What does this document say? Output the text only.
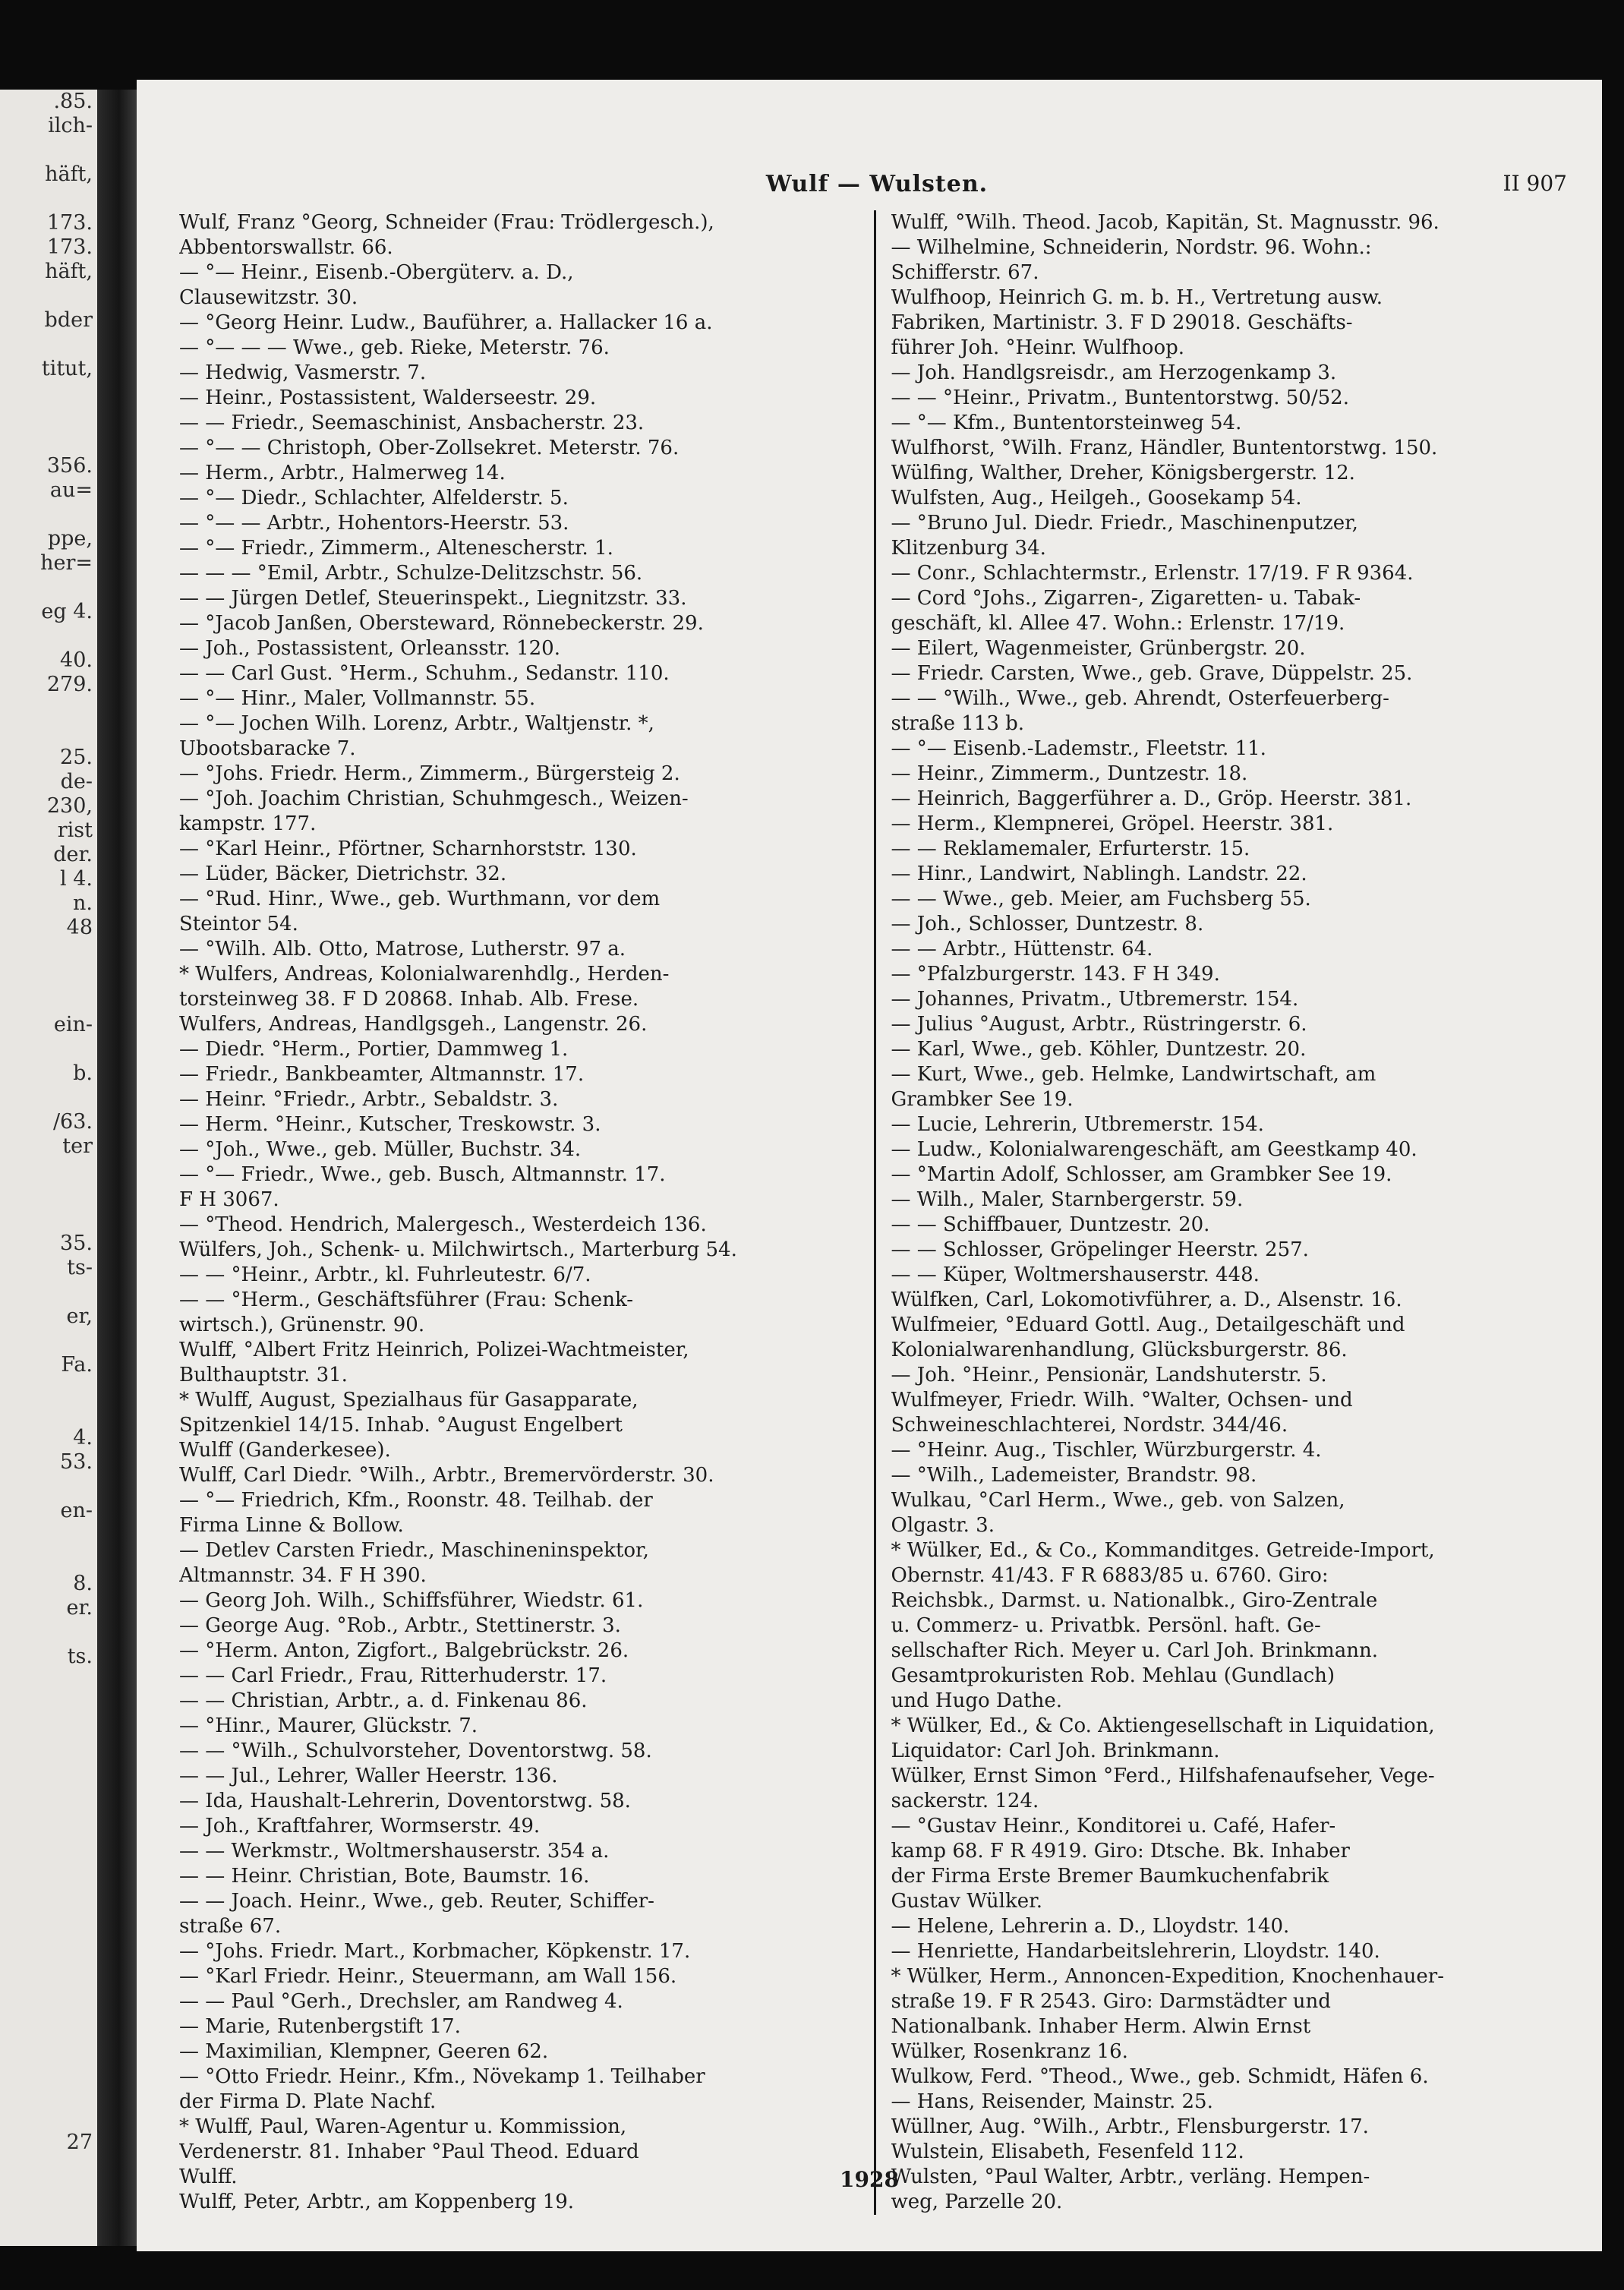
.85.
ilch-
häft,
173.
173.
häft,
bder
titut,
356.
au=
ppe,
her=
eg 4.
40.
279.
25.
de-
230,
rist
der.
l 4.
n.
48
ein-
b.
/63.
ter
35.
ts-
er,
Fa.
4.
53.
en-
8.
er.
ts.
27
Wulf — Wulsten.	II 907
Wulf, Franz °Georg, Schneider (Frau: Trödlergesch.),
Abbentorswallstr. 66.
— °— Heinr., Eisenb.-Obergüterv. a. D.,
Clausewitzstr. 30.
— °Georg Heinr. Ludw., Bauführer, a. Hallacker 16 a.
— °— — — Wwe., geb. Rieke, Meterstr. 76.
— Hedwig, Vasmerstr. 7.
— Heinr., Postassistent, Walderseestr. 29.
— — Friedr., Seemaschinist, Ansbacherstr. 23.
— °— — Christoph, Ober-Zollsekret. Meterstr. 76.
— Herm., Arbtr., Halmerweg 14.
— °— Diedr., Schlachter, Alfelderstr. 5.
— °— — Arbtr., Hohentors-Heerstr. 53.
— °— Friedr., Zimmerm., Altenescherstr. 1.
— — — °Emil, Arbtr., Schulze-Delitzschstr. 56.
— — Jürgen Detlef, Steuerinspekt., Liegnitzstr. 33.
— °Jacob Janßen, Obersteward, Rönnebeckerstr. 29.
— Joh., Postassistent, Orleansstr. 120.
— — Carl Gust. °Herm., Schuhm., Sedanstr. 110.
— °— Hinr., Maler, Vollmannstr. 55.
— °— Jochen Wilh. Lorenz, Arbtr., Waltjenstr. *,
Ubootsbaracke 7.
— °Johs. Friedr. Herm., Zimmerm., Bürgersteig 2.
— °Joh. Joachim Christian, Schuhmgesch., Weizen-
kampstr. 177.
— °Karl Heinr., Pförtner, Scharnhorststr. 130.
— Lüder, Bäcker, Dietrichstr. 32.
— °Rud. Hinr., Wwe., geb. Wurthmann, vor dem
Steintor 54.
— °Wilh. Alb. Otto, Matrose, Lutherstr. 97 a.
* Wulfers, Andreas, Kolonialwarenhdlg., Herden-
torsteinweg 38. F D 20868. Inhab. Alb. Frese.
Wulfers, Andreas, Handlgsgeh., Langenstr. 26.
— Diedr. °Herm., Portier, Dammweg 1.
— Friedr., Bankbeamter, Altmannstr. 17.
— Heinr. °Friedr., Arbtr., Sebaldstr. 3.
— Herm. °Heinr., Kutscher, Treskowstr. 3.
— °Joh., Wwe., geb. Müller, Buchstr. 34.
— °— Friedr., Wwe., geb. Busch, Altmannstr. 17.
F H 3067.
— °Theod. Hendrich, Malergesch., Westerdeich 136.
Wülfers, Joh., Schenk- u. Milchwirtsch., Marterburg 54.
— — °Heinr., Arbtr., kl. Fuhrleutestr. 6/7.
— — °Herm., Geschäftsführer (Frau: Schenk-
wirtsch.), Grünenstr. 90.
Wulff, °Albert Fritz Heinrich, Polizei-Wachtmeister,
Bulthauptstr. 31.
* Wulff, August, Spezialhaus für Gasapparate,
Spitzenkiel 14/15. Inhab. °August Engelbert
Wulff (Ganderkesee).
Wulff, Carl Diedr. °Wilh., Arbtr., Bremervörderstr. 30.
— °— Friedrich, Kfm., Roonstr. 48. Teilhab. der
Firma Linne & Bollow.
— Detlev Carsten Friedr., Maschineninspektor,
Altmannstr. 34. F H 390.
— Georg Joh. Wilh., Schiffsführer, Wiedstr. 61.
— George Aug. °Rob., Arbtr., Stettinerstr. 3.
— °Herm. Anton, Zigfort., Balgebrückstr. 26.
— — Carl Friedr., Frau, Ritterhuderstr. 17.
— — Christian, Arbtr., a. d. Finkenau 86.
— °Hinr., Maurer, Glückstr. 7.
— — °Wilh., Schulvorsteher, Doventorstwg. 58.
— — Jul., Lehrer, Waller Heerstr. 136.
— Ida, Haushalt-Lehrerin, Doventorstwg. 58.
— Joh., Kraftfahrer, Wormserstr. 49.
— — Werkmstr., Woltmershauserstr. 354 a.
— — Heinr. Christian, Bote, Baumstr. 16.
— — Joach. Heinr., Wwe., geb. Reuter, Schiffer-
straße 67.
— °Johs. Friedr. Mart., Korbmacher, Köpkenstr. 17.
— °Karl Friedr. Heinr., Steuermann, am Wall 156.
— — Paul °Gerh., Drechsler, am Randweg 4.
— Marie, Rutenbergstift 17.
— Maximilian, Klempner, Geeren 62.
— °Otto Friedr. Heinr., Kfm., Növekamp 1. Teilhaber
der Firma D. Plate Nachf.
* Wulff, Paul, Waren-Agentur u. Kommission,
Verdenerstr. 81. Inhaber °Paul Theod. Eduard
Wulff.
Wulff, Peter, Arbtr., am Koppenberg 19.
Wulff, °Wilh. Theod. Jacob, Kapitän, St. Magnusstr. 96.
— Wilhelmine, Schneiderin, Nordstr. 96. Wohn.:
Schifferstr. 67.
Wulfhoop, Heinrich G. m. b. H., Vertretung ausw.
Fabriken, Martinistr. 3. F D 29018. Geschäfts-
führer Joh. °Heinr. Wulfhoop.
— Joh. Handlgsreisdr., am Herzogenkamp 3.
— — °Heinr., Privatm., Buntentorstwg. 50/52.
— °— Kfm., Buntentorsteinweg 54.
Wulfhorst, °Wilh. Franz, Händler, Buntentorstwg. 150.
Wülfing, Walther, Dreher, Königsbergerstr. 12.
Wulfsten, Aug., Heilgeh., Goosekamp 54.
— °Bruno Jul. Diedr. Friedr., Maschinenputzer,
Klitzenburg 34.
— Conr., Schlachtermstr., Erlenstr. 17/19. F R 9364.
— Cord °Johs., Zigarren-, Zigaretten- u. Tabak-
geschäft, kl. Allee 47. Wohn.: Erlenstr. 17/19.
— Eilert, Wagenmeister, Grünbergstr. 20.
— Friedr. Carsten, Wwe., geb. Grave, Düppelstr. 25.
— — °Wilh., Wwe., geb. Ahrendt, Osterfeuerberg-
straße 113 b.
— °— Eisenb.-Lademstr., Fleetstr. 11.
— Heinr., Zimmerm., Duntzestr. 18.
— Heinrich, Baggerführer a. D., Gröp. Heerstr. 381.
— Herm., Klempnerei, Gröpel. Heerstr. 381.
— — Reklamemaler, Erfurterstr. 15.
— Hinr., Landwirt, Nablingh. Landstr. 22.
— — Wwe., geb. Meier, am Fuchsberg 55.
— Joh., Schlosser, Duntzestr. 8.
— — Arbtr., Hüttenstr. 64.
— °Pfalzburgerstr. 143. F H 349.
— Johannes, Privatm., Utbremerstr. 154.
— Julius °August, Arbtr., Rüstringerstr. 6.
— Karl, Wwe., geb. Köhler, Duntzestr. 20.
— Kurt, Wwe., geb. Helmke, Landwirtschaft, am
Grambker See 19.
— Lucie, Lehrerin, Utbremerstr. 154.
— Ludw., Kolonialwarengeschäft, am Geestkamp 40.
— °Martin Adolf, Schlosser, am Grambker See 19.
— Wilh., Maler, Starnbergerstr. 59.
— — Schiffbauer, Duntzestr. 20.
— — Schlosser, Gröpelinger Heerstr. 257.
— — Küper, Woltmershauserstr. 448.
Wülfken, Carl, Lokomotivführer, a. D., Alsenstr. 16.
Wulfmeier, °Eduard Gottl. Aug., Detailgeschäft und
Kolonialwarenhandlung, Glücksburgerstr. 86.
— Joh. °Heinr., Pensionär, Landshuterstr. 5.
Wulfmeyer, Friedr. Wilh. °Walter, Ochsen- und
Schweineschlachterei, Nordstr. 344/46.
— °Heinr. Aug., Tischler, Würzburgerstr. 4.
— °Wilh., Lademeister, Brandstr. 98.
Wulkau, °Carl Herm., Wwe., geb. von Salzen,
Olgastr. 3.
* Wülker, Ed., & Co., Kommanditges. Getreide-Import,
Obernstr. 41/43. F R 6883/85 u. 6760. Giro:
Reichsbk., Darmst. u. Nationalbk., Giro-Zentrale
u. Commerz- u. Privatbk. Persönl. haft. Ge-
sellschafter Rich. Meyer u. Carl Joh. Brinkmann.
Gesamtprokuristen Rob. Mehlau (Gundlach)
und Hugo Dathe.
* Wülker, Ed., & Co. Aktiengesellschaft in Liquidation,
Liquidator: Carl Joh. Brinkmann.
Wülker, Ernst Simon °Ferd., Hilfshafenaufseher, Vege-
sackerstr. 124.
— °Gustav Heinr., Konditorei u. Café, Hafer-
kamp 68. F R 4919. Giro: Dtsche. Bk. Inhaber
der Firma Erste Bremer Baumkuchenfabrik
Gustav Wülker.
— Helene, Lehrerin a. D., Lloydstr. 140.
— Henriette, Handarbeitslehrerin, Lloydstr. 140.
* Wülker, Herm., Annoncen-Expedition, Knochenhauer-
straße 19. F R 2543. Giro: Darmstädter und
Nationalbank. Inhaber Herm. Alwin Ernst
Wülker, Rosenkranz 16.
Wulkow, Ferd. °Theod., Wwe., geb. Schmidt, Häfen 6.
— Hans, Reisender, Mainstr. 25.
Wüllner, Aug. °Wilh., Arbtr., Flensburgerstr. 17.
Wulstein, Elisabeth, Fesenfeld 112.
Wulsten, °Paul Walter, Arbtr., verläng. Hempen-
weg, Parzelle 20.
1928
